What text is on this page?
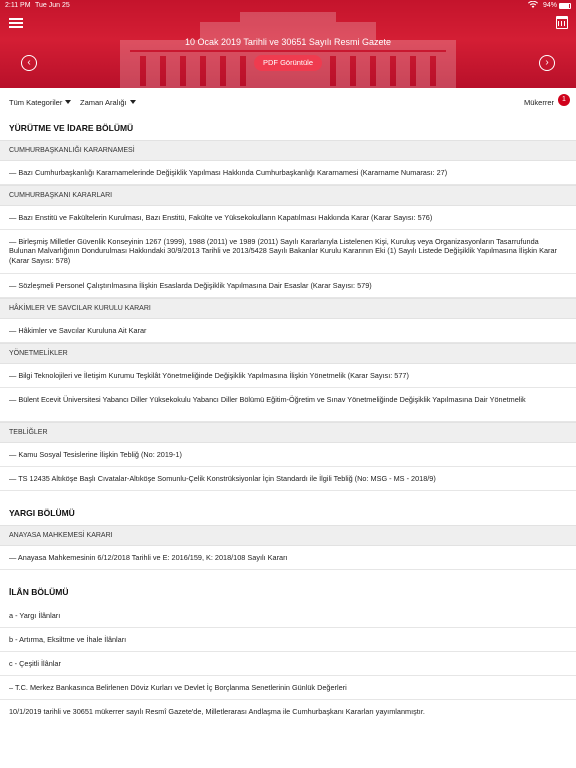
2:11 PM Tue Jun 25	94%
10 Ocak 2019 Tarihli ve 30651 Sayılı Resmi Gazete
‹	PDF Görüntüle	›
Tüm Kategoriler	Zaman Aralığı	Mükerrer	1
YÜRÜTME VE İDARE BÖLÜMÜ
CUMHURBAŞKANLIĞI KARARNAMESİ
— Bazı Cumhurbaşkanlığı Kararnamelerinde Değişiklik Yapılması Hakkında Cumhurbaşkanlığı Kararnamesi (Kararname Numarası: 27)
CUMHURBAŞKANI KARARLARI
— Bazı Enstitü ve Fakültelerin Kurulması, Bazı Enstitü, Fakülte ve Yüksekokulların Kapatılması Hakkında Karar (Karar Sayısı: 576)
— Birleşmiş Milletler Güvenlik Konseyinin 1267 (1999), 1988 (2011) ve 1989 (2011) Sayılı Kararlarıyla Listelenen Kişi, Kuruluş veya Organizasyonların Tasarrufunda Bulunan Malvarlığının Dondurulması Hakkındaki 30/9/2013 Tarihli ve 2013/5428 Sayılı Bakanlar Kurulu Kararının Eki (1) Sayılı Listede Değişiklik Yapılmasına İlişkin Karar (Karar Sayısı: 578)
— Sözleşmeli Personel Çalıştırılmasına İlişkin Esaslarda Değişiklik Yapılmasına Dair Esaslar (Karar Sayısı: 579)
HÂKİMLER VE SAVCILAR KURULU KARARI
— Hâkimler ve Savcılar Kuruluna Ait Karar
YÖNETMELİKLER
— Bilgi Teknolojileri ve İletişim Kurumu Teşkilât Yönetmeliğinde Değişiklik Yapılmasına İlişkin Yönetmelik (Karar Sayısı: 577)
— Bülent Ecevit Üniversitesi Yabancı Diller Yüksekokulu Yabancı Diller Bölümü Eğitim-Öğretim ve Sınav Yönetmeliğinde Değişiklik Yapılmasına Dair Yönetmelik
TEBLİĞLER
— Kamu Sosyal Tesislerine İlişkin Tebliğ (No: 2019-1)
— TS 12435 Altıköşe Başlı Cıvatalar-Altıköşe Somunlu-Çelik Konstrüksiyonlar İçin Standardı ile İlgili Tebliğ (No: MSG - MS - 2018/9)
YARGI BÖLÜMÜ
ANAYASA MAHKEMESİ KARARI
— Anayasa Mahkemesinin 6/12/2018 Tarihli ve E: 2016/159, K: 2018/108 Sayılı Kararı
İLÂN BÖLÜMÜ
a - Yargı İlânları
b - Artırma, Eksiltme ve İhale İlânları
c - Çeşitli İlânlar
– T.C. Merkez Bankasınca Belirlenen Döviz Kurları ve Devlet İç Borçlanma Senetlerinin Günlük Değerleri
10/1/2019 tarihli ve 30651 mükerrer sayılı Resmî Gazete'de, Milletlerarası Andlaşma ile Cumhurbaşkanı Kararları yayımlanmıştır.
